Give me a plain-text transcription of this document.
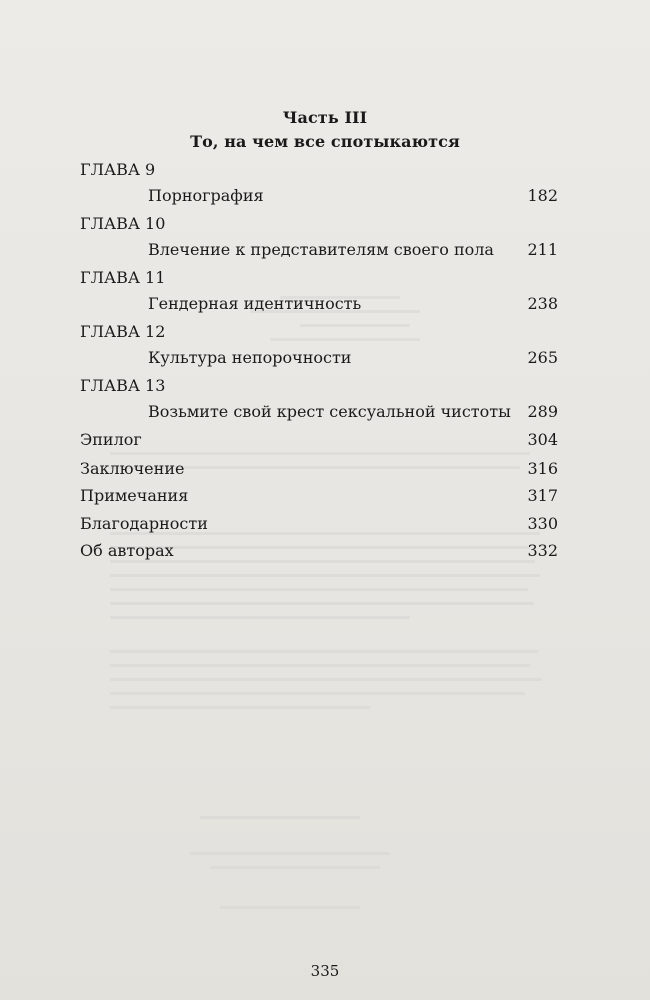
Часть III
То, на чем все спотыкаются
ГЛАВА 9
Порнография	182
ГЛАВА 10
Влечение к представителям своего пола 211
ГЛАВА 11
Гендерная идентичность	238
ГЛАВА 12
Культура непорочности	265
ГЛАВА 13
Возьмите свой крест сексуальной чистоты 289
Эпилог	304
Заключение	316
Примечания	317
Благодарности	330
Об авторах	332
335
